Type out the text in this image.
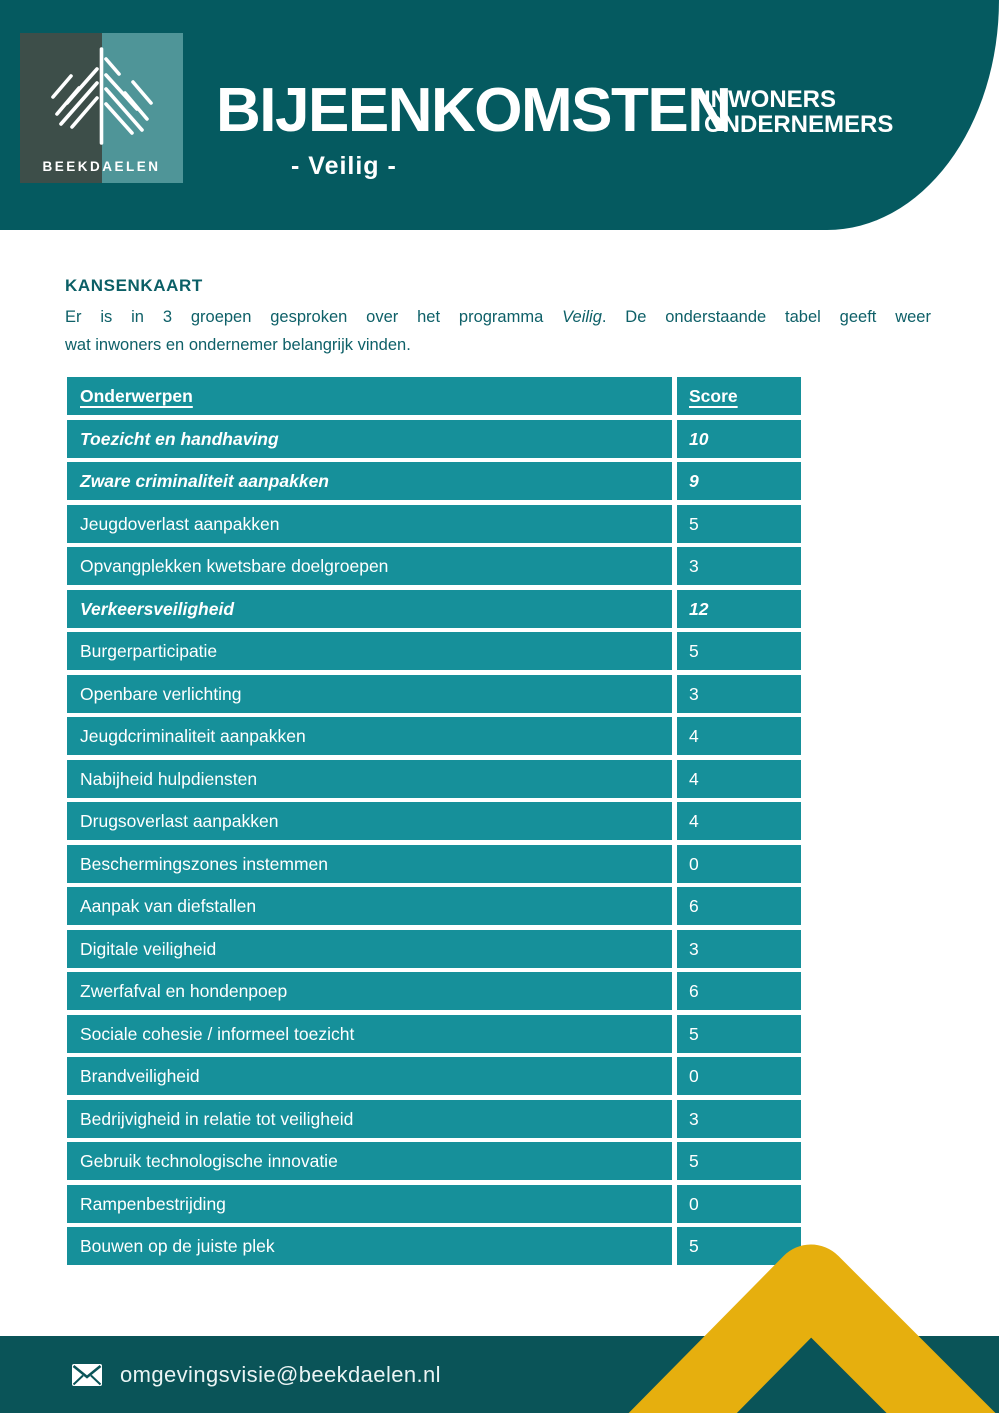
BEEKDAELEN
BIJEENKOMSTEN
INWONERS
ONDERNEMERS
- Veilig -
KANSENKAART
Er is in 3 groepen gesproken over het programma Veilig. De onderstaande tabel geeft weer
wat inwoners en ondernemer belangrijk vinden.
Onderwerpen	Score
Toezicht en handhaving	10
Zware criminaliteit aanpakken	9
Jeugdoverlast aanpakken	5
Opvangplekken kwetsbare doelgroepen	3
Verkeersveiligheid	12
Burgerparticipatie	5
Openbare verlichting	3
Jeugdcriminaliteit aanpakken	4
Nabijheid hulpdiensten	4
Drugsoverlast aanpakken	4
Beschermingszones instemmen	0
Aanpak van diefstallen	6
Digitale veiligheid	3
Zwerfafval en hondenpoep	6
Sociale cohesie / informeel toezicht	5
Brandveiligheid	0
Bedrijvigheid in relatie tot veiligheid	3
Gebruik technologische innovatie	5
Rampenbestrijding	0
Bouwen op de juiste plek	5
omgevingsvisie@beekdaelen.nl
